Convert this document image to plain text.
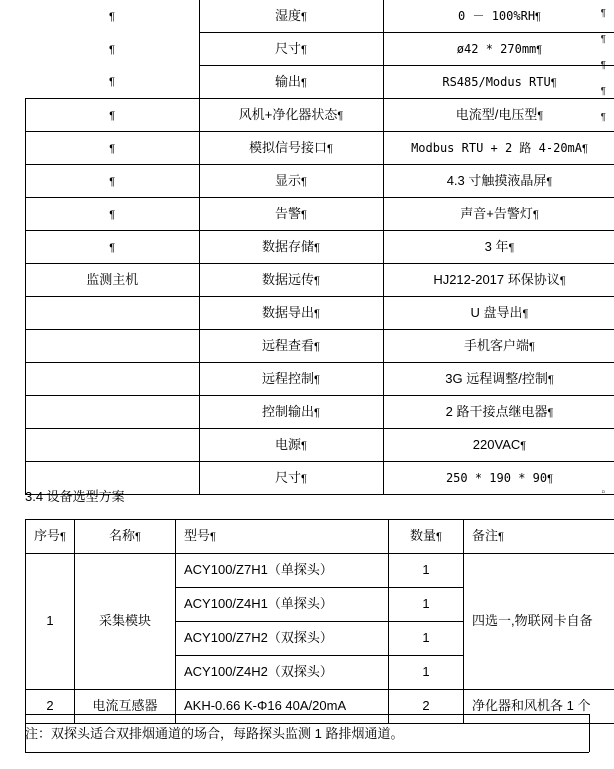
¶
¶
¶
¶
¶
▫
¶	湿度¶	0 － 100%RH¶
¶	尺寸¶	ø42 * 270mm¶
¶	输出¶	RS485/Modus RTU¶
¶	风机+净化器状态¶	电流型/电压型¶
¶	模拟信号接口¶	Modbus RTU + 2 路 4-20mA¶
¶	显示¶	4.3 寸触摸液晶屏¶
¶	告警¶	声音+告警灯¶
¶	数据存储¶	3 年¶
监测主机	数据远传¶	HJ212-2017 环保协议¶
	数据导出¶	U 盘导出¶
	远程查看¶	手机客户端¶
	远程控制¶	3G 远程调整/控制¶
	控制输出¶	2 路干接点继电器¶
	电源¶	220VAC¶
	尺寸¶	250 * 190 * 90¶
3.4 设备选型方案
序号¶	名称¶	型号¶	数量¶	备注¶
1	采集模块	ACY100/Z7H1（单探头）	1	四选一,物联网卡自备
		ACY100/Z4H1（单探头）	1	
		ACY100/Z7H2（双探头）	1	
		ACY100/Z4H2（双探头）	1	
2	电流互感器	AKH-0.66 K-Φ16 40A/20mA	2	净化器和风机各 1 个
注：双探头适合双排烟通道的场合，每路探头监测 1 路排烟通道。
